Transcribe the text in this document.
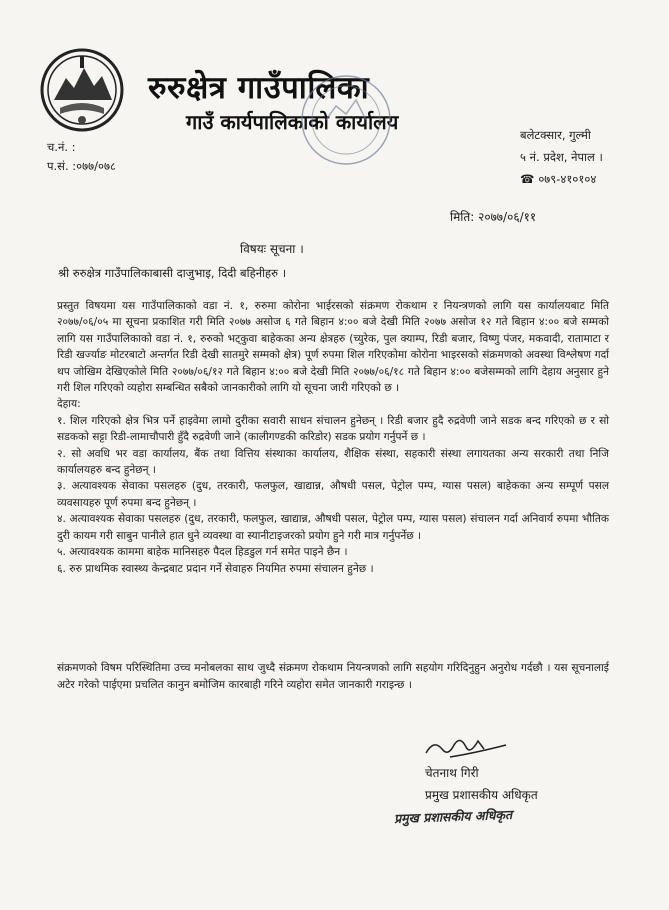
रुरुक्षेत्र गाउँपालिका
गाउँ कार्यपालिकाको कार्यालय
बलेटक्सार, गुल्मी
५ नं. प्रदेश, नेपाल ।
☎ ०७९-४१०१०४
च.नं. :
प.सं. :०७७/०७८
मिति: २०७७/०६/११
विषयः सूचना ।
श्री रुरुक्षेत्र गाउँपालिकाबासी दाजुभाइ, दिदी बहिनीहरु ।

प्रस्तुत विषयमा यस गाउँपालिकाको वडा नं. १, रुरुमा कोरोना भाईरसको संक्रमण रोकथाम र नियन्त्रणको लागि यस कार्यालयबाट मिति २०७७/०६/०५ मा सूचना प्रकाशित गरी मिति २०७७ असोज ६ गते बिहान ४:०० बजे देखी मिति २०७७ असोज १२ गते बिहान ४:०० बजे सम्मको लागि यस गाउँपालिकाको वडा नं. १, रुरुको भट्कुवा बाहेकका अन्य क्षेत्रहरु (च्युरेक, पुल क्याम्प, रिडी बजार, विष्णु पंजर, मकवादी, रातामाटा र रिडी खर्ज्याङ मोटरबाटो अन्तर्गत रिडी देखी सातमुरे सम्मको क्षेत्र) पूर्ण रुपमा शिल गरिएकोमा कोरोना भाइरसको संक्रमणको अवस्था विश्लेषण गर्दा थप जोखिम देखिएकोले मिति २०७७/०६/१२ गते बिहान ४:०० बजे देखी मिति २०७७/०६/१८ गते बिहान ४:०० बजेसम्मको लागि देहाय अनुसार हुने गरी शिल गरिएको व्यहोरा सम्बन्धित सबैको जानकारीको लागि यो सूचना जारी गरिएको छ ।

देहाय:

१. शिल गरिएको क्षेत्र भित्र पर्ने हाइवेमा लामो दुरीका सवारी साधन संचालन हुनेछन् । रिडी बजार हुदै रुद्रवेणी जाने सडक बन्द गरिएको छ र सो सडकको सट्टा रिडी-लामाचौपारी हुँदै रुद्रवेणी जाने (कालीगण्डकी करिडोर) सडक प्रयोग गर्नुपर्ने छ ।
२. सो अवधि भर वडा कार्यालय, बैंक तथा वित्तिय संस्थाका कार्यालय, शैक्षिक संस्था, सहकारी संस्था लगायतका अन्य सरकारी तथा निजि कार्यालयहरु बन्द हुनेछन् ।
३. अत्यावश्यक सेवाका पसलहरु (दुध, तरकारी, फलफुल, खाद्यान्न, औषधी पसल, पेट्रोल पम्प, ग्यास पसल) बाहेकका अन्य सम्पूर्ण पसल व्यवसायहरु पूर्ण रुपमा बन्द हुनेछन् ।
४. अत्यावश्यक सेवाका पसलहरु (दुध, तरकारी, फलफुल, खाद्यान्न, औषधी पसल, पेट्रोल पम्प, ग्यास पसल) संचालन गर्दा अनिवार्य रुपमा भौतिक दुरी कायम गरी साबुन पानीले हात धुने व्यवस्था वा स्यानीटाइजरको प्रयोग हुने गरी मात्र गर्नुपर्नेछ ।
५. अत्यावश्यक काममा बाहेक मानिसहरु पैदल हिडडुल गर्न समेत पाइने छैन ।
६. रुरु प्राथमिक स्वास्थ्य केन्द्रबाट प्रदान गर्ने सेवाहरु नियमित रुपमा संचालन हुनेछ ।
संक्रमणको विषम परिस्थितिमा उच्च मनोबलका साथ जुध्दै संक्रमण रोकथाम नियन्त्रणको लागि सहयोग गरिदिनुहुन अनुरोध गर्दछौ । यस सूचनालाई अटेर गरेको पाईएमा प्रचलित कानुन बमोजिम कारबाही गरिने व्यहोरा समेत जानकारी गराइन्छ ।
चेतनाथ गिरी
प्रमुख प्रशासकीय अधिकृत
प्रमुख प्रशासकीय अधिकृत
